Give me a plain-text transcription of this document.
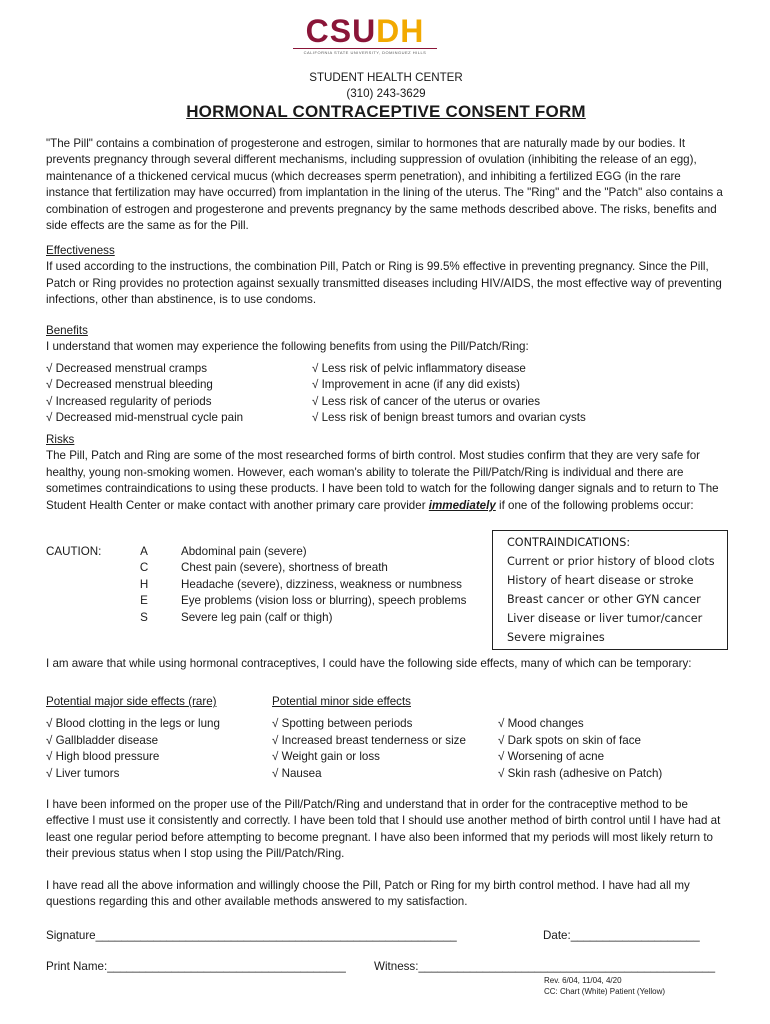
CSUDH
CALIFORNIA STATE UNIVERSITY, DOMINGUEZ HILLS
STUDENT HEALTH CENTER
(310) 243-3629
HORMONAL CONTRACEPTIVE CONSENT FORM
"The Pill" contains a combination of progesterone and estrogen, similar to hormones that are naturally made by our bodies. It prevents pregnancy through several different mechanisms, including suppression of ovulation (inhibiting the release of an egg), maintenance of a thickened cervical mucus (which decreases sperm penetration), and inhibiting a fertilized EGG (in the rare instance that fertilization may have occurred) from implantation in the lining of the uterus. The "Ring" and the "Patch" also contains a combination of estrogen and progesterone and prevents pregnancy by the same methods described above. The risks, benefits and side effects are the same as for the Pill.
Effectiveness
If used according to the instructions, the combination Pill, Patch or Ring is 99.5% effective in preventing pregnancy. Since the Pill, Patch or Ring provides no protection against sexually transmitted diseases including HIV/AIDS, the most effective way of preventing infections, other than abstinence, is to use condoms.
Benefits
I understand that women may experience the following benefits from using the Pill/Patch/Ring:
√ Decreased menstrual cramps
√ Decreased menstrual bleeding
√ Increased regularity of periods
√ Decreased mid-menstrual cycle pain
√ Less risk of pelvic inflammatory disease
√ Improvement in acne (if any did exists)
√ Less risk of cancer of the uterus or ovaries
√ Less risk of benign breast tumors and ovarian cysts
Risks
The Pill, Patch and Ring are some of the most researched forms of birth control. Most studies confirm that they are very safe for healthy, young non-smoking women. However, each woman's ability to tolerate the Pill/Patch/Ring is individual and there are sometimes contraindications to using these products. I have been told to watch for the following danger signals and to return to The Student Health Center or make contact with another primary care provider immediately if one of the following problems occur:
CAUTION:	A
C
H
E
S
Abdominal pain (severe)
Chest pain (severe), shortness of breath
Headache (severe), dizziness, weakness or numbness
Eye problems (vision loss or blurring), speech problems
Severe leg pain (calf or thigh)
CONTRAINDICATIONS:
Current or prior history of blood clots
History of heart disease or stroke
Breast cancer or other GYN cancer
Liver disease or liver tumor/cancer
Severe migraines
I am aware that while using hormonal contraceptives, I could have the following side effects, many of which can be temporary:
Potential major side effects (rare)
√ Blood clotting in the legs or lung
√ Gallbladder disease
√ High blood pressure
√ Liver tumors
Potential minor side effects
√ Spotting between periods
√ Increased breast tenderness or size
√ Weight gain or loss
√ Nausea
√ Mood changes
√ Dark spots on skin of face
√ Worsening of acne
√ Skin rash (adhesive on Patch)
I have been informed on the proper use of the Pill/Patch/Ring and understand that in order for the contraceptive method to be effective I must use it consistently and correctly. I have been told that I should use another method of birth control until I have had at least one regular period before attempting to become pregnant. I have also been informed that my periods will most likely return to their previous status when I stop using the Pill/Patch/Ring.
I have read all the above information and willingly choose the Pill, Patch or Ring for my birth control method. I have had all my questions regarding this and other available methods answered to my satisfaction.
Signature________________________________________________________	Date:____________________
Print Name:_____________________________________ Witness:______________________________________________
Rev. 6/04, 11/04, 4/20
CC: Chart (White) Patient (Yellow)
